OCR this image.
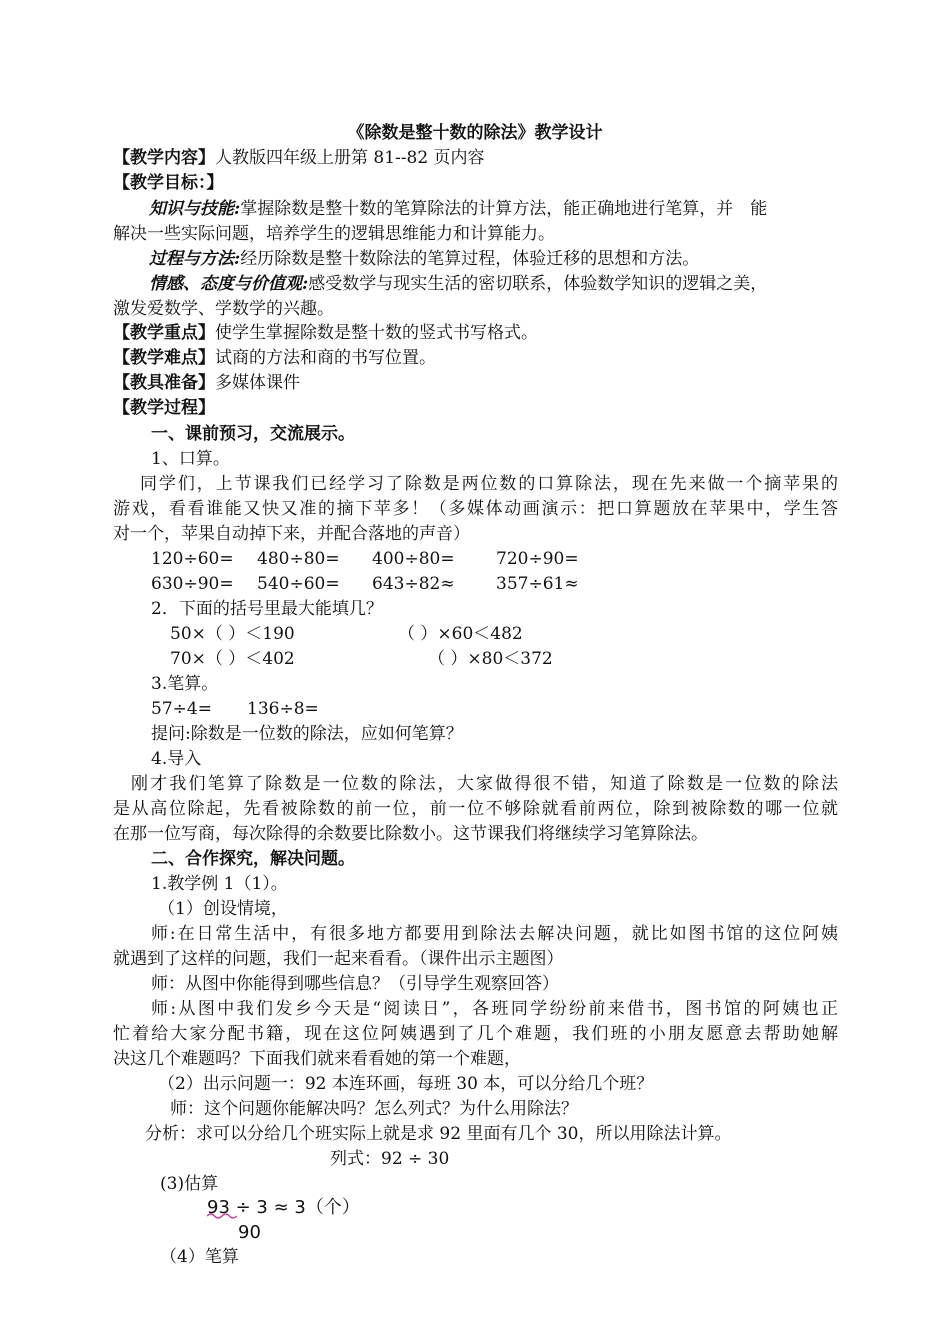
《除数是整十数的除法》教学设计
【教学内容】人教版四年级上册第 81--82 页内容
【教学目标：】
知识与技能:掌握除数是整十数的笔算除法的计算方法，能正确地进行笔算，并　能
解决一些实际问题，培养学生的逻辑思维能力和计算能力。
过程与方法:经历除数是整十数除法的笔算过程，体验迁移的思想和方法。
情感、态度与价值观:感受数学与现实生活的密切联系，体验数学知识的逻辑之美，
激发爱数学、学数学的兴趣。
【教学重点】使学生掌握除数是整十数的竖式书写格式。
【教学难点】试商的方法和商的书写位置。
【教具准备】多媒体课件
【教学过程】
一、课前预习，交流展示。
1、口算。
同学们，上节课我们已经学习了除数是两位数的口算除法，现在先来做一个摘苹果的
游戏，看看谁能又快又准的摘下苹多！（多媒体动画演示：把口算题放在苹果中，学生答
对一个，苹果自动掉下来，并配合落地的声音）
120÷60= 480÷80= 400÷80= 720÷90=
630÷90= 540÷60= 643÷82≈ 357÷61≈
2．下面的括号里最大能填几？
50×（ ）＜190	（ ）×60＜482
70×（ ）＜402	（ ）×80＜372
3.笔算。
57÷4= 136÷8=
提问:除数是一位数的除法，应如何笔算？
4.导入
刚才我们笔算了除数是一位数的除法，大家做得很不错，知道了除数是一位数的除法
是从高位除起，先看被除数的前一位，前一位不够除就看前两位，除到被除数的哪一位就
在那一位写商，每次除得的余数要比除数小。这节课我们将继续学习笔算除法。
二、合作探究，解决问题。
1.教学例 1（1）。
（1）创设情境，
师:在日常生活中，有很多地方都要用到除法去解决问题，就比如图书馆的这位阿姨
就遇到了这样的问题，我们一起来看看。（课件出示主题图）
师：从图中你能得到哪些信息？（引导学生观察回答）
师:从图中我们发乡今天是“阅读日”，各班同学纷纷前来借书，图书馆的阿姨也正
忙着给大家分配书籍，现在这位阿姨遇到了几个难题，我们班的小朋友愿意去帮助她解
决这几个难题吗？下面我们就来看看她的第一个难题，
（2）出示问题一：92 本连环画，每班 30 本，可以分给几个班？
师：这个问题你能解决吗？怎么列式？为什么用除法？
分析：求可以分给几个班实际上就是求 92 里面有几个 30，所以用除法计算。
列式：92 ÷ 30
(3)估算
93 ÷ 3 ≈ 3（个）
90
（4）笔算
